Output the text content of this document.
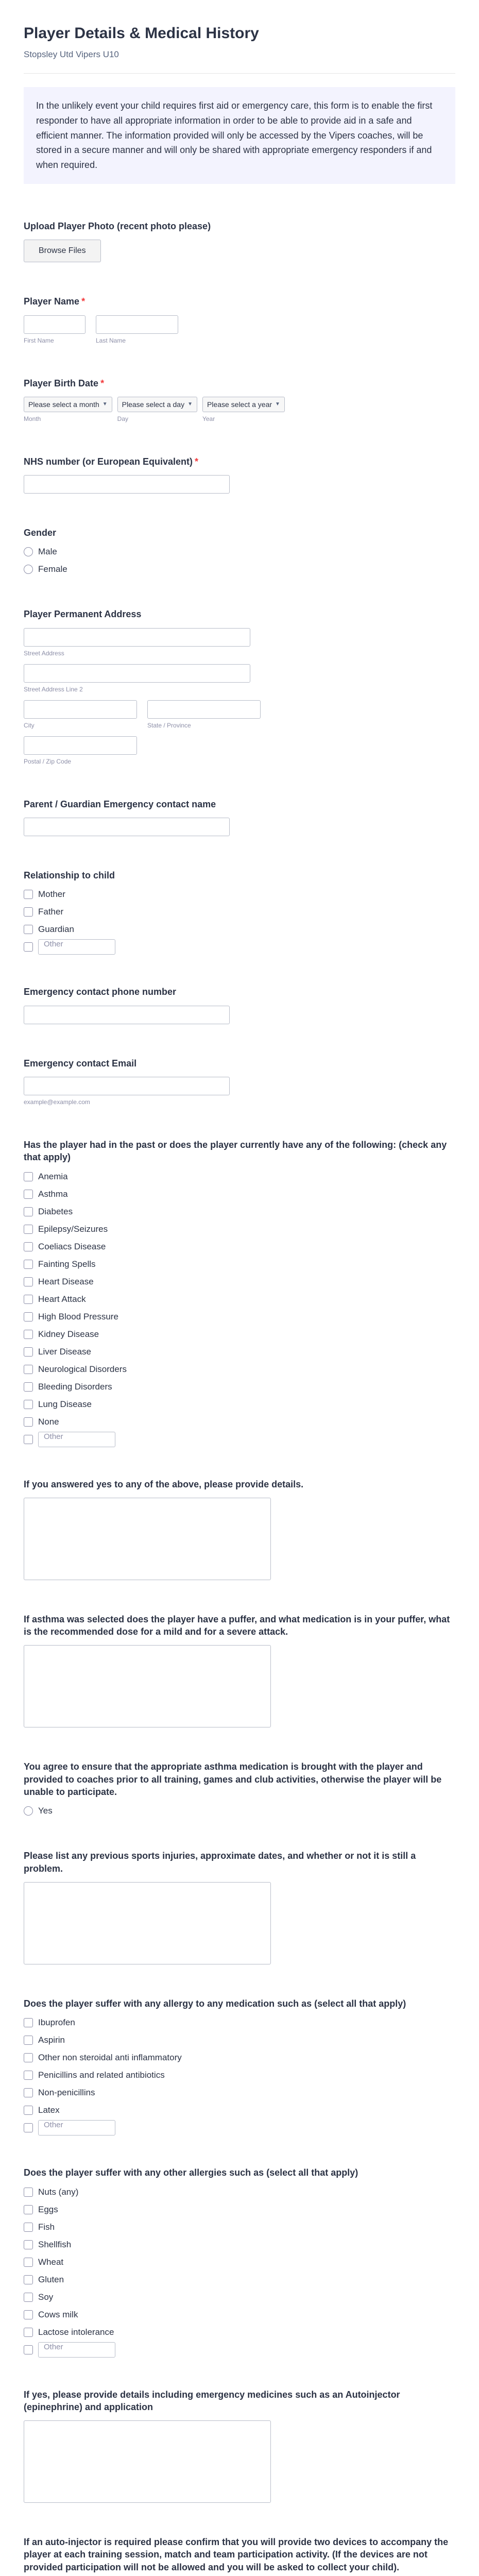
Player Details & Medical History
Stopsley Utd Vipers U10
In the unlikely event your child requires first aid or emergency care, this form is to enable the first responder to have all appropriate information in order to be able to provide aid in a safe and efficient manner. The information provided will only be accessed by the Vipers coaches, will be stored in a secure manner and will only be shared with appropriate emergency responders if and when required.
Upload Player Photo (recent photo please)
Browse Files
Player Name *
First Name	Last Name
Player Birth Date *
Please select a month ▼
Month
Please select a day ▼
Day
Please select a year ▼
Year
NHS number (or European Equivalent) *
Gender
Male
Female
Player Permanent Address
Street Address
Street Address Line 2
City	State / Province
Postal / Zip Code
Parent / Guardian Emergency contact name
Relationship to child
Mother
Father
Guardian
Other
Emergency contact phone number
Emergency contact Email
example@example.com
Has the player had in the past or does the player currently have any of the following: (check any that apply)
Anemia
Asthma
Diabetes
Epilepsy/Seizures
Coeliacs Disease
Fainting Spells
Heart Disease
Heart Attack
High Blood Pressure
Kidney Disease
Liver Disease
Neurological Disorders
Bleeding Disorders
Lung Disease
None
Other
If you answered yes to any of the above, please provide details.
If asthma was selected does the player have a puffer, and what medication is in your puffer, what is the recommended dose for a mild and for a severe attack.
You agree to ensure that the appropriate asthma medication is brought with the player and provided to coaches prior to all training, games and club activities, otherwise the player will be unable to participate.
Yes
Please list any previous sports injuries, approximate dates, and whether or not it is still a problem.
Does the player suffer with any allergy to any medication such as (select all that apply)
Ibuprofen
Aspirin
Other non steroidal anti inflammatory
Penicillins and related antibiotics
Non-penicillins
Latex
Other
Does the player suffer with any other allergies such as (select all that apply)
Nuts (any)
Eggs
Fish
Shellfish
Wheat
Gluten
Soy
Cows milk
Lactose intolerance
Other
If yes, please provide details including emergency medicines such as an Autoinjector (epinephrine) and application
If an auto-injector is required please confirm that you will provide two devices to accompany the player at each training session, match and team participation activity. (If the devices are not provided participation will not be allowed and you will be asked to collect your child).
